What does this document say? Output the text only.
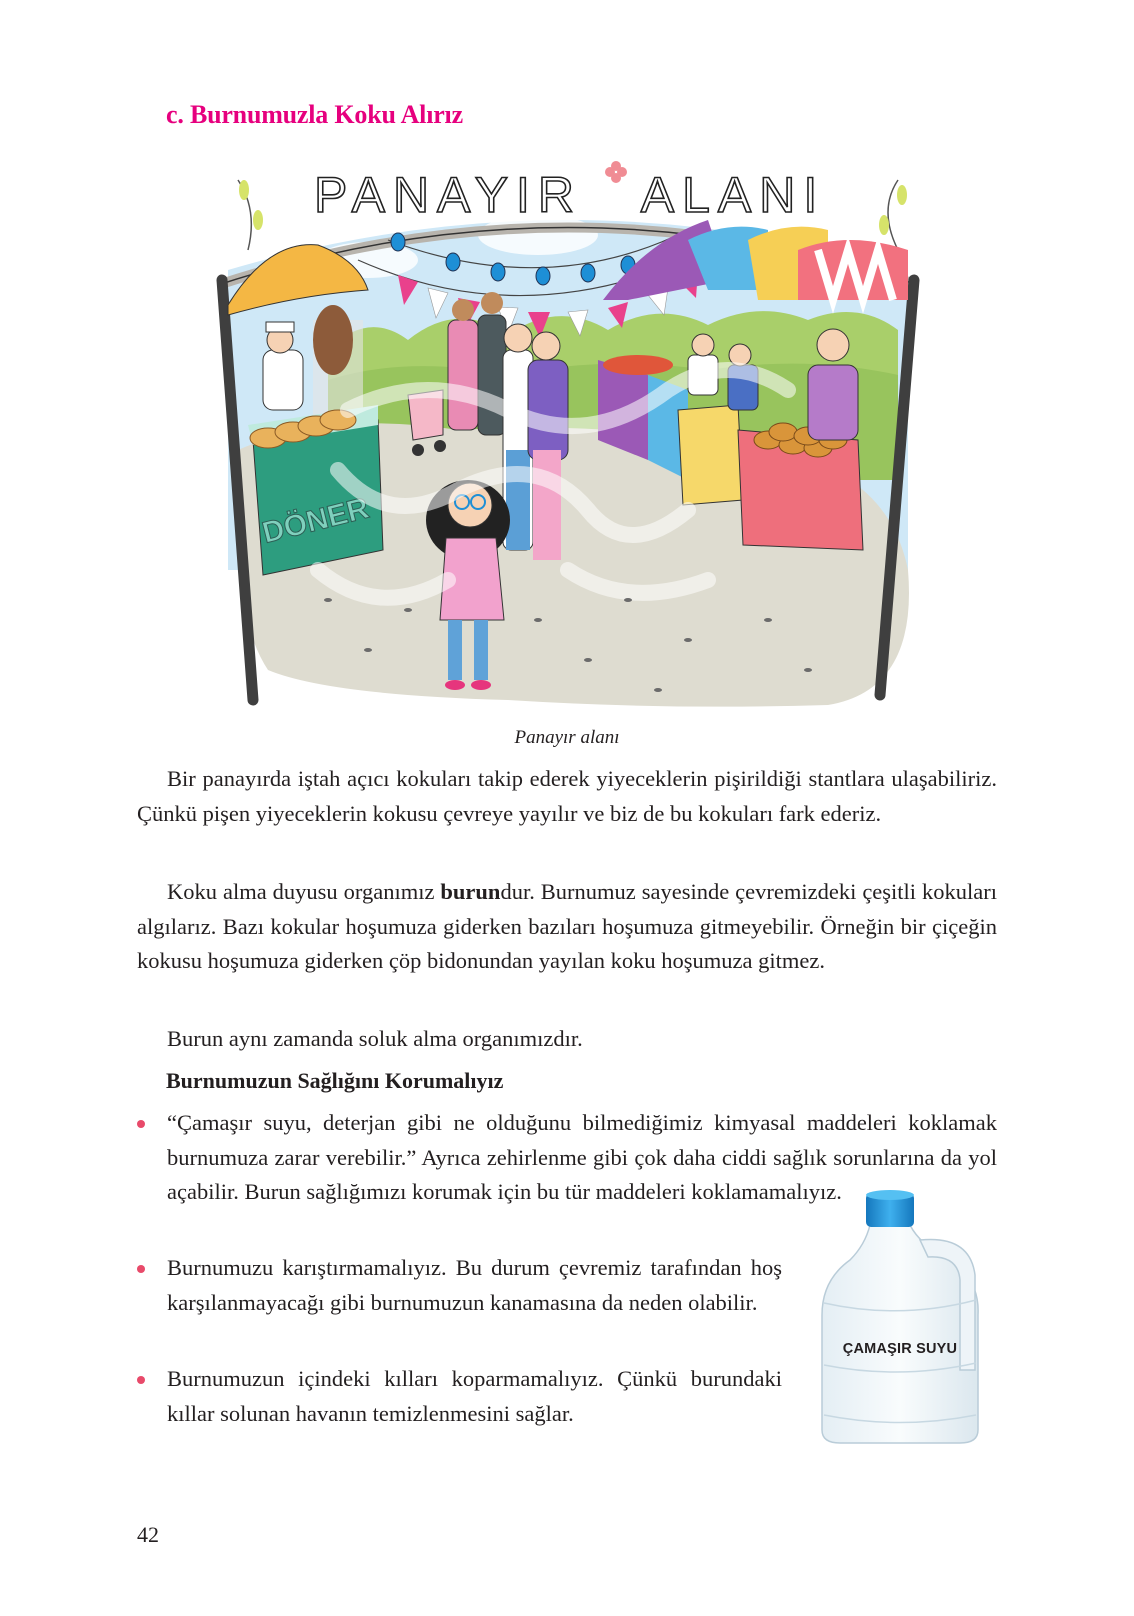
c. Burnumuzla Koku Alırız
PANAYIR ALANI
DÖNER
Panayır alanı

Bir panayırda iştah açıcı kokuları takip ederek yiyeceklerin pişirildiği stantlara ulaşabiliriz. Çünkü pişen yiyeceklerin kokusu çevreye yayılır ve biz de bu kokuları fark ederiz.

Koku alma duyusu organımız burundur. Burnumuz sayesinde çevremizdeki çeşitli kokuları algılarız. Bazı kokular hoşumuza giderken bazıları hoşumuza gitmeyebilir. Örneğin bir çiçeğin kokusu hoşumuza giderken çöp bidonundan yayılan koku hoşumuza gitmez.

Burun aynı zamanda soluk alma organımızdır.

Burnumuzun Sağlığını Korumalıyız

“Çamaşır suyu, deterjan gibi ne olduğunu bilmediğimiz kimyasal maddeleri koklamak burnumuza zarar verebilir.” Ayrıca zehirlenme gibi çok daha ciddi sağlık sorunlarına da yol açabilir. Burun sağlığımızı korumak için bu tür maddeleri koklamamalıyız.

Burnumuzu karıştırmamalıyız. Bu durum çevremiz tarafından hoş karşılanmayacağı gibi burnumuzun kanamasına da neden olabilir.

Burnumuzun içindeki kılları koparmamalıyız. Çünkü burundaki kıllar solunan havanın temizlenmesini sağlar.

ÇAMAŞIR SUYU
42
